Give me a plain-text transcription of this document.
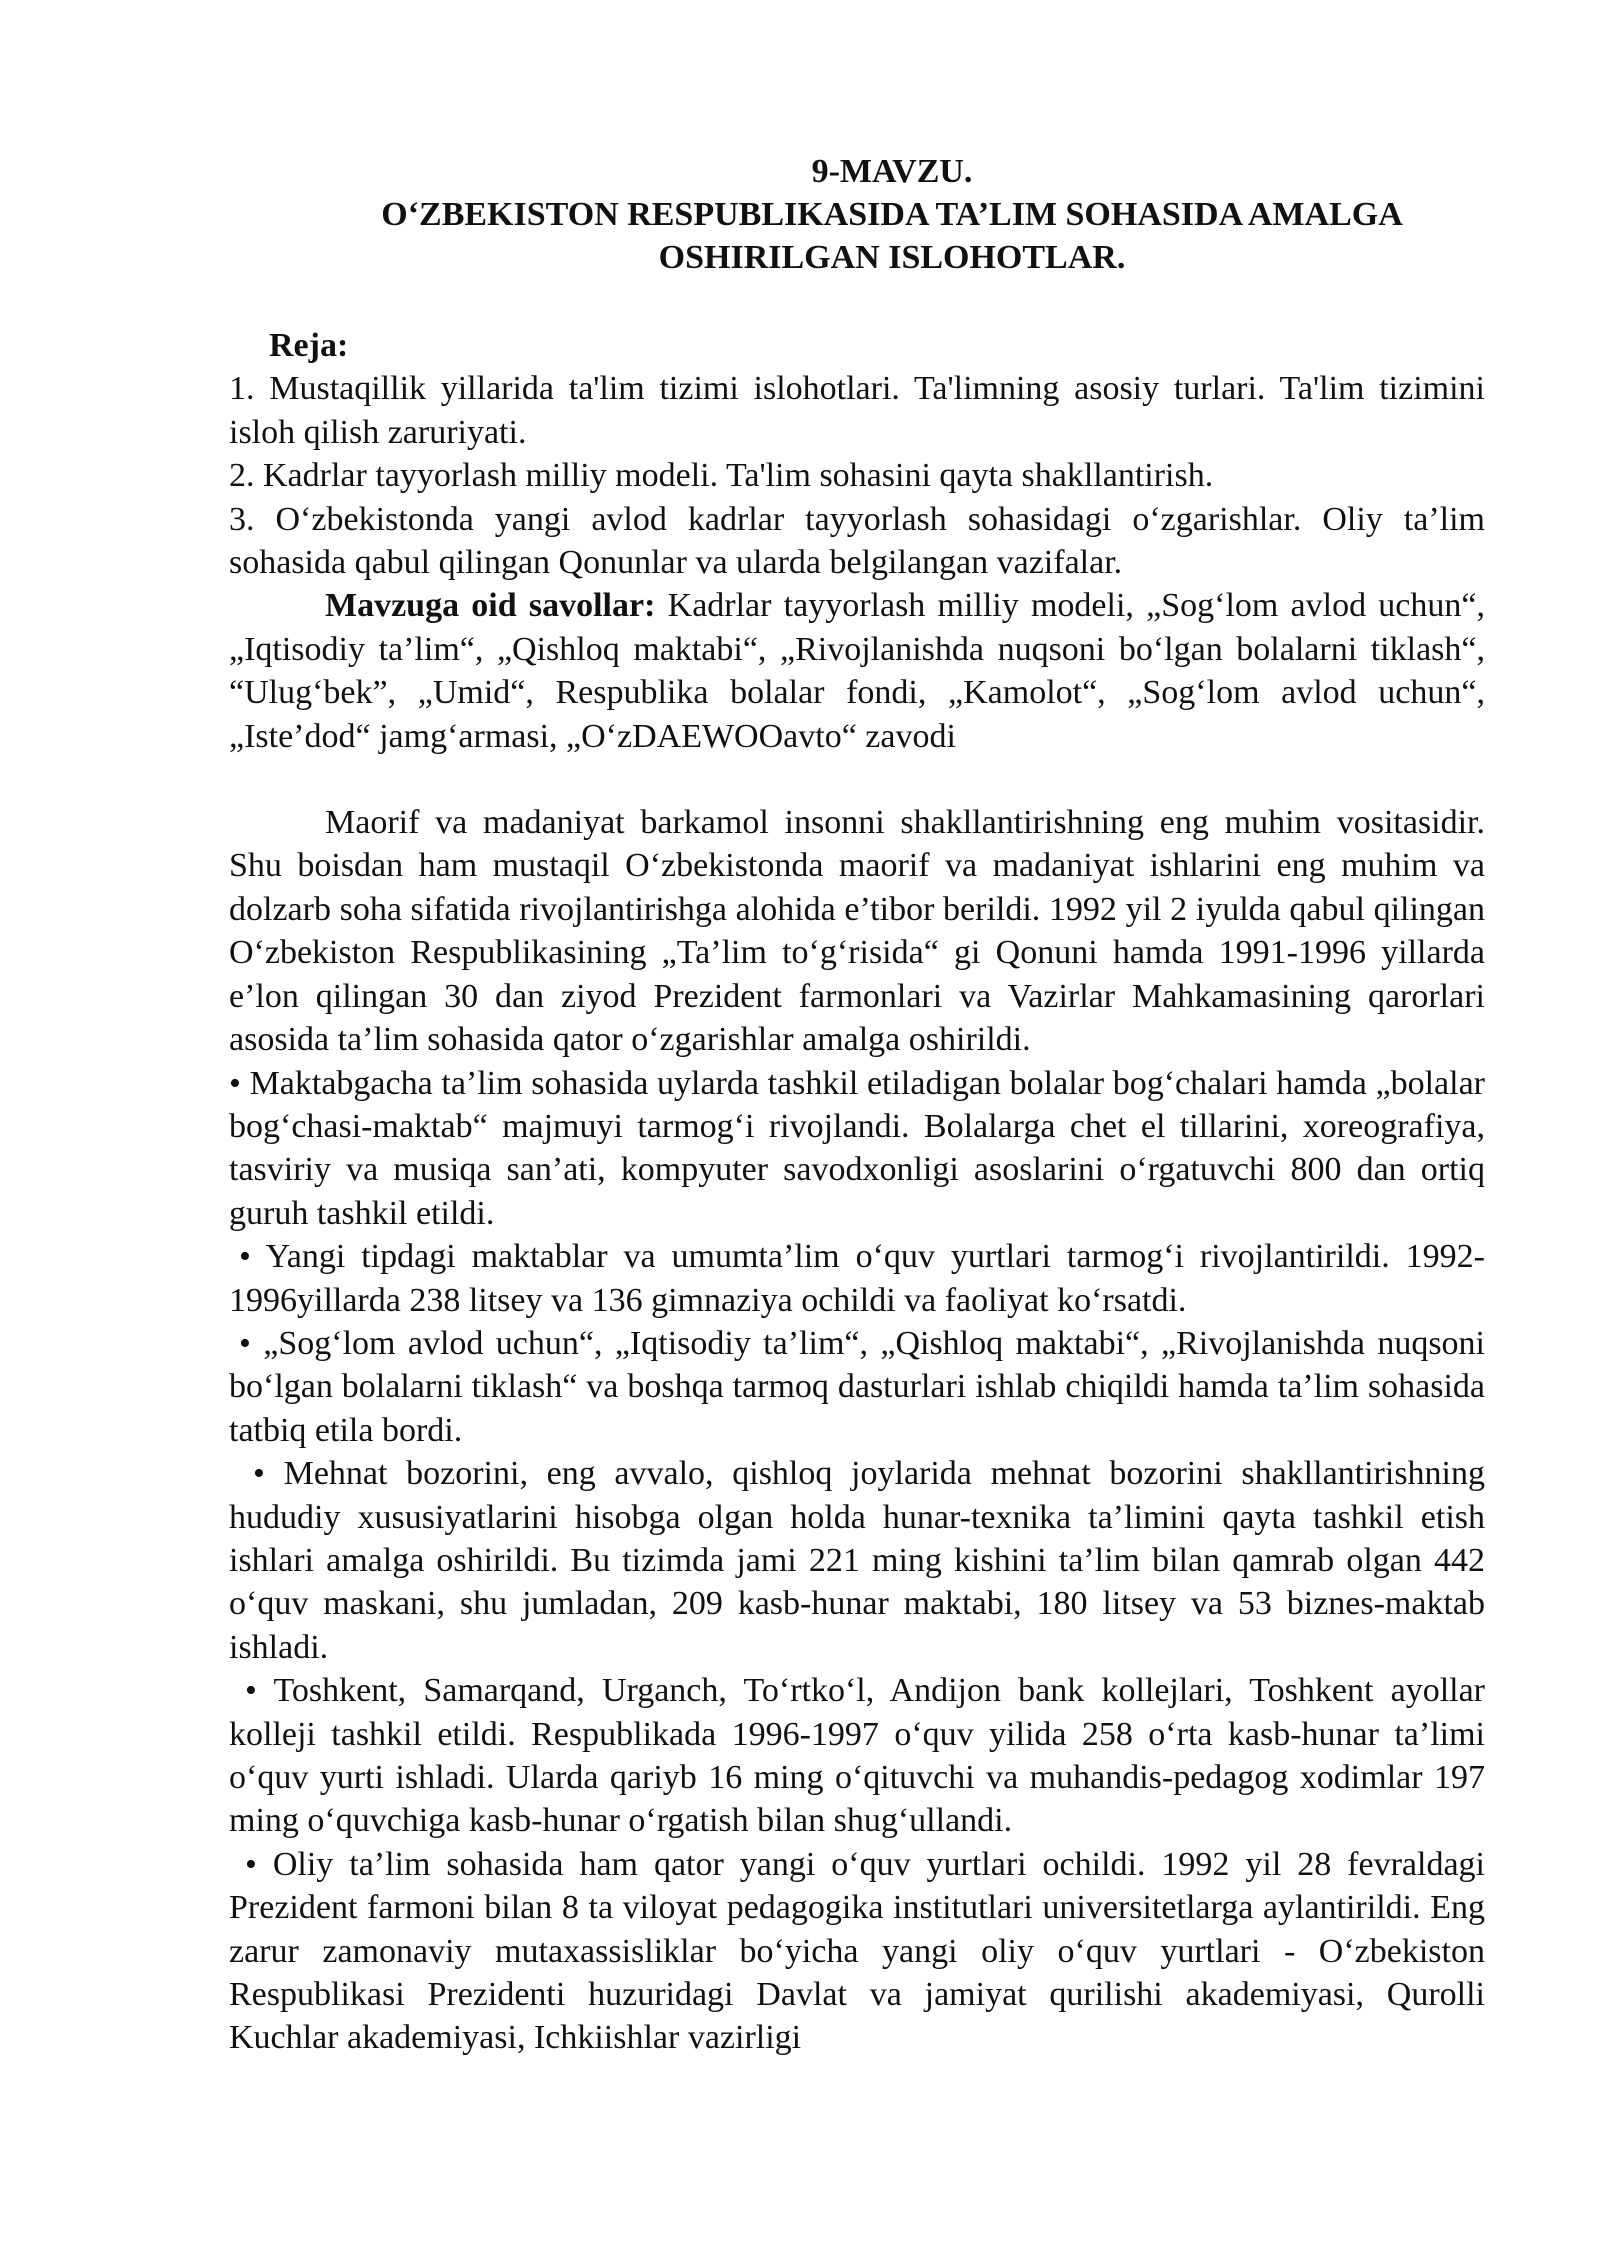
9-MAVZU.
O‘ZBEKISTON RESPUBLIKASIDA TA’LIM SOHASIDA AMALGA
OSHIRILGAN ISLOHOTLAR.
Reja:

1. Mustaqillik yillarida ta'lim tizimi islohotlari. Ta'limning asosiy turlari. Ta'lim tizimini isloh qilish zaruriyati.

2. Kadrlar tayyorlash milliy modeli. Ta'lim sohasini qayta shakllantirish.

3. O‘zbekistonda yangi avlod kadrlar tayyorlash sohasidagi o‘zgarishlar. Oliy ta’lim sohasida qabul qilingan Qonunlar va ularda belgilangan vazifalar.

Mavzuga oid savollar: Kadrlar tayyorlash milliy modeli, „Sog‘lom avlod uchun“, „Iqtisodiy ta’lim“, „Qishloq maktabi“, „Rivojlanishda nuqsoni bo‘lgan bolalarni tiklash“, “Ulug‘bek”, „Umid“, Respublika bolalar fondi, „Kamolot“, „Sog‘lom avlod uchun“, „Iste’dod“ jamg‘armasi, „O‘zDAEWOOavto“ zavodi

Maorif va madaniyat barkamol insonni shakllantirishning eng muhim vositasidir. Shu boisdan ham mustaqil O‘zbekistonda maorif va madaniyat ishlarini eng muhim va dolzarb soha sifatida rivojlantirishga alohida e’tibor berildi. 1992 yil 2 iyulda qabul qilingan O‘zbekiston Respublikasining „Ta’lim to‘g‘risida“ gi Qonuni hamda 1991-1996 yillarda e’lon qilingan 30 dan ziyod Prezident farmonlari va Vazirlar Mahkamasining qarorlari asosida ta’lim sohasida qator o‘zgarishlar amalga oshirildi.

• Maktabgacha ta’lim sohasida uylarda tashkil etiladigan bolalar bog‘chalari hamda „bolalar bog‘chasi-maktab“ majmuyi tarmog‘i rivojlandi. Bolalarga chet el tillarini, xoreografiya, tasviriy va musiqa san’ati, kompyuter savodxonligi asoslarini o‘rgatuvchi 800 dan ortiq guruh tashkil etildi.

• Yangi tipdagi maktablar va umumta’lim o‘quv yurtlari tarmog‘i rivojlantirildi. 1992-1996yillarda 238 litsey va 136 gimnaziya ochildi va faoliyat ko‘rsatdi.

• „Sog‘lom avlod uchun“, „Iqtisodiy ta’lim“, „Qishloq maktabi“, „Rivojlanishda nuqsoni bo‘lgan bolalarni tiklash“ va boshqa tarmoq dasturlari ishlab chiqildi hamda ta’lim sohasida tatbiq etila bordi.

• Mehnat bozorini, eng avvalo, qishloq joylarida mehnat bozorini shakllantirishning hududiy xususiyatlarini hisobga olgan holda hunar-texnika ta’limini qayta tashkil etish ishlari amalga oshirildi. Bu tizimda jami 221 ming kishini ta’lim bilan qamrab olgan 442 o‘quv maskani, shu jumladan, 209 kasb-hunar maktabi, 180 litsey va 53 biznes-maktab ishladi.

• Toshkent, Samarqand, Urganch, To‘rtko‘l, Andijon bank kollejlari, Toshkent ayollar kolleji tashkil etildi. Respublikada 1996-1997 o‘quv yilida 258 o‘rta kasb-hunar ta’limi o‘quv yurti ishladi. Ularda qariyb 16 ming o‘qituvchi va muhandis-pedagog xodimlar 197 ming o‘quvchiga kasb-hunar o‘rgatish bilan shug‘ullandi.

• Oliy ta’lim sohasida ham qator yangi o‘quv yurtlari ochildi. 1992 yil 28 fevraldagi Prezident farmoni bilan 8 ta viloyat pedagogika institutlari universitetlarga aylantirildi. Eng zarur zamonaviy mutaxassisliklar bo‘yicha yangi oliy o‘quv yurtlari - O‘zbekiston Respublikasi Prezidenti huzuridagi Davlat va jamiyat qurilishi akademiyasi, Qurolli Kuchlar akademiyasi, Ichkiishlar vazirligi
